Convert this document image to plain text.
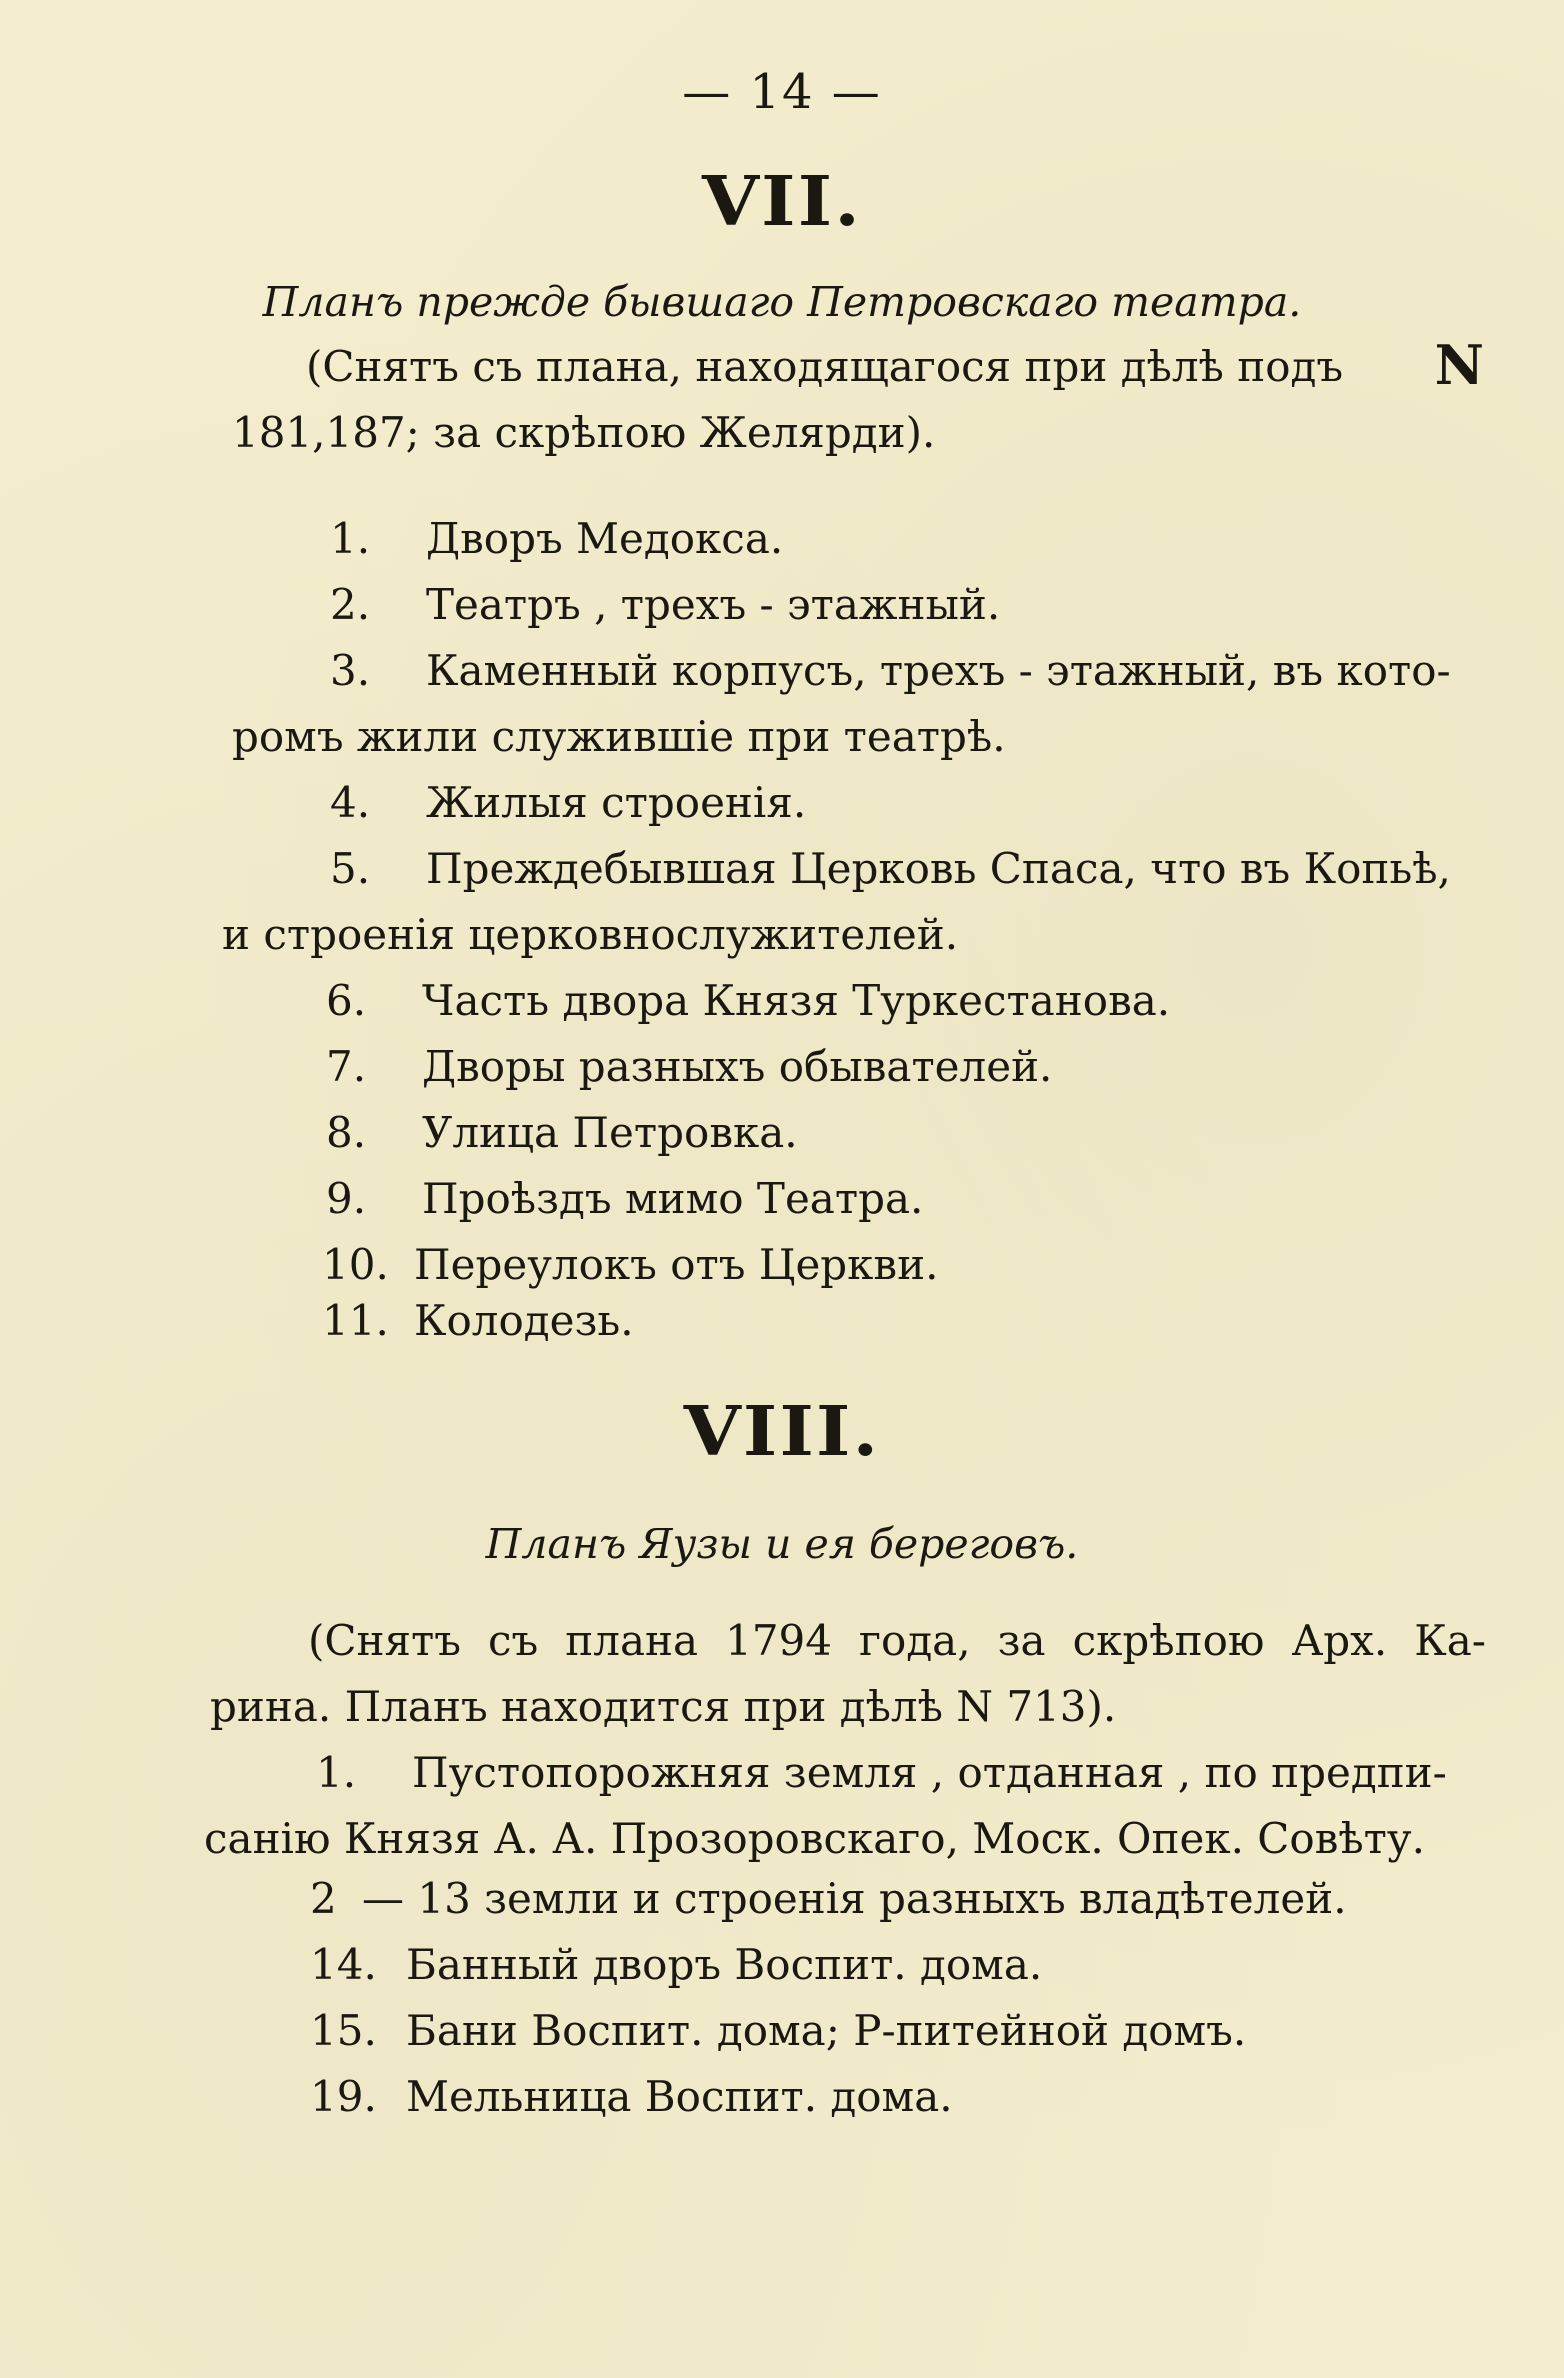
— 14 —
VII.
Планъ прежде бывшаго Петровскаго театра.
(Снятъ съ плана, находящагося при дѣлѣ подъ N
181,187; за скрѣпою Желярди).
1. Дворъ Медокса.
2. Театръ , трехъ - этажный.
3. Каменный корпусъ, трехъ - этажный, въ кото-
ромъ жили служившіе при театрѣ.
4. Жилыя строенія.
5. Преждебывшая Церковь Спаса, что въ Копьѣ,
и строенія церковнослужителей.
6. Часть двора Князя Туркестанова.
7. Дворы разныхъ обывателей.
8. Улица Петровка.
9. Проѣздъ мимо Театра.
10. Переулокъ отъ Церкви.
11. Колодезь.
VIII.
Планъ Яузы и ея береговъ.
(Снятъ съ плана 1794 года, за скрѣпою Арх. Ка-
рина. Планъ находится при дѣлѣ N 713).
1. Пустопорожняя земля , отданная , по предпи-
санію Князя А. А. Прозоровскаго, Моск. Опек. Совѣту.
2 — 13 земли и строенія разныхъ владѣтелей.
14. Банный дворъ Воспит. дома.
15. Бани Воспит. дома; Р-питейной домъ.
19. Мельница Воспит. дома.
